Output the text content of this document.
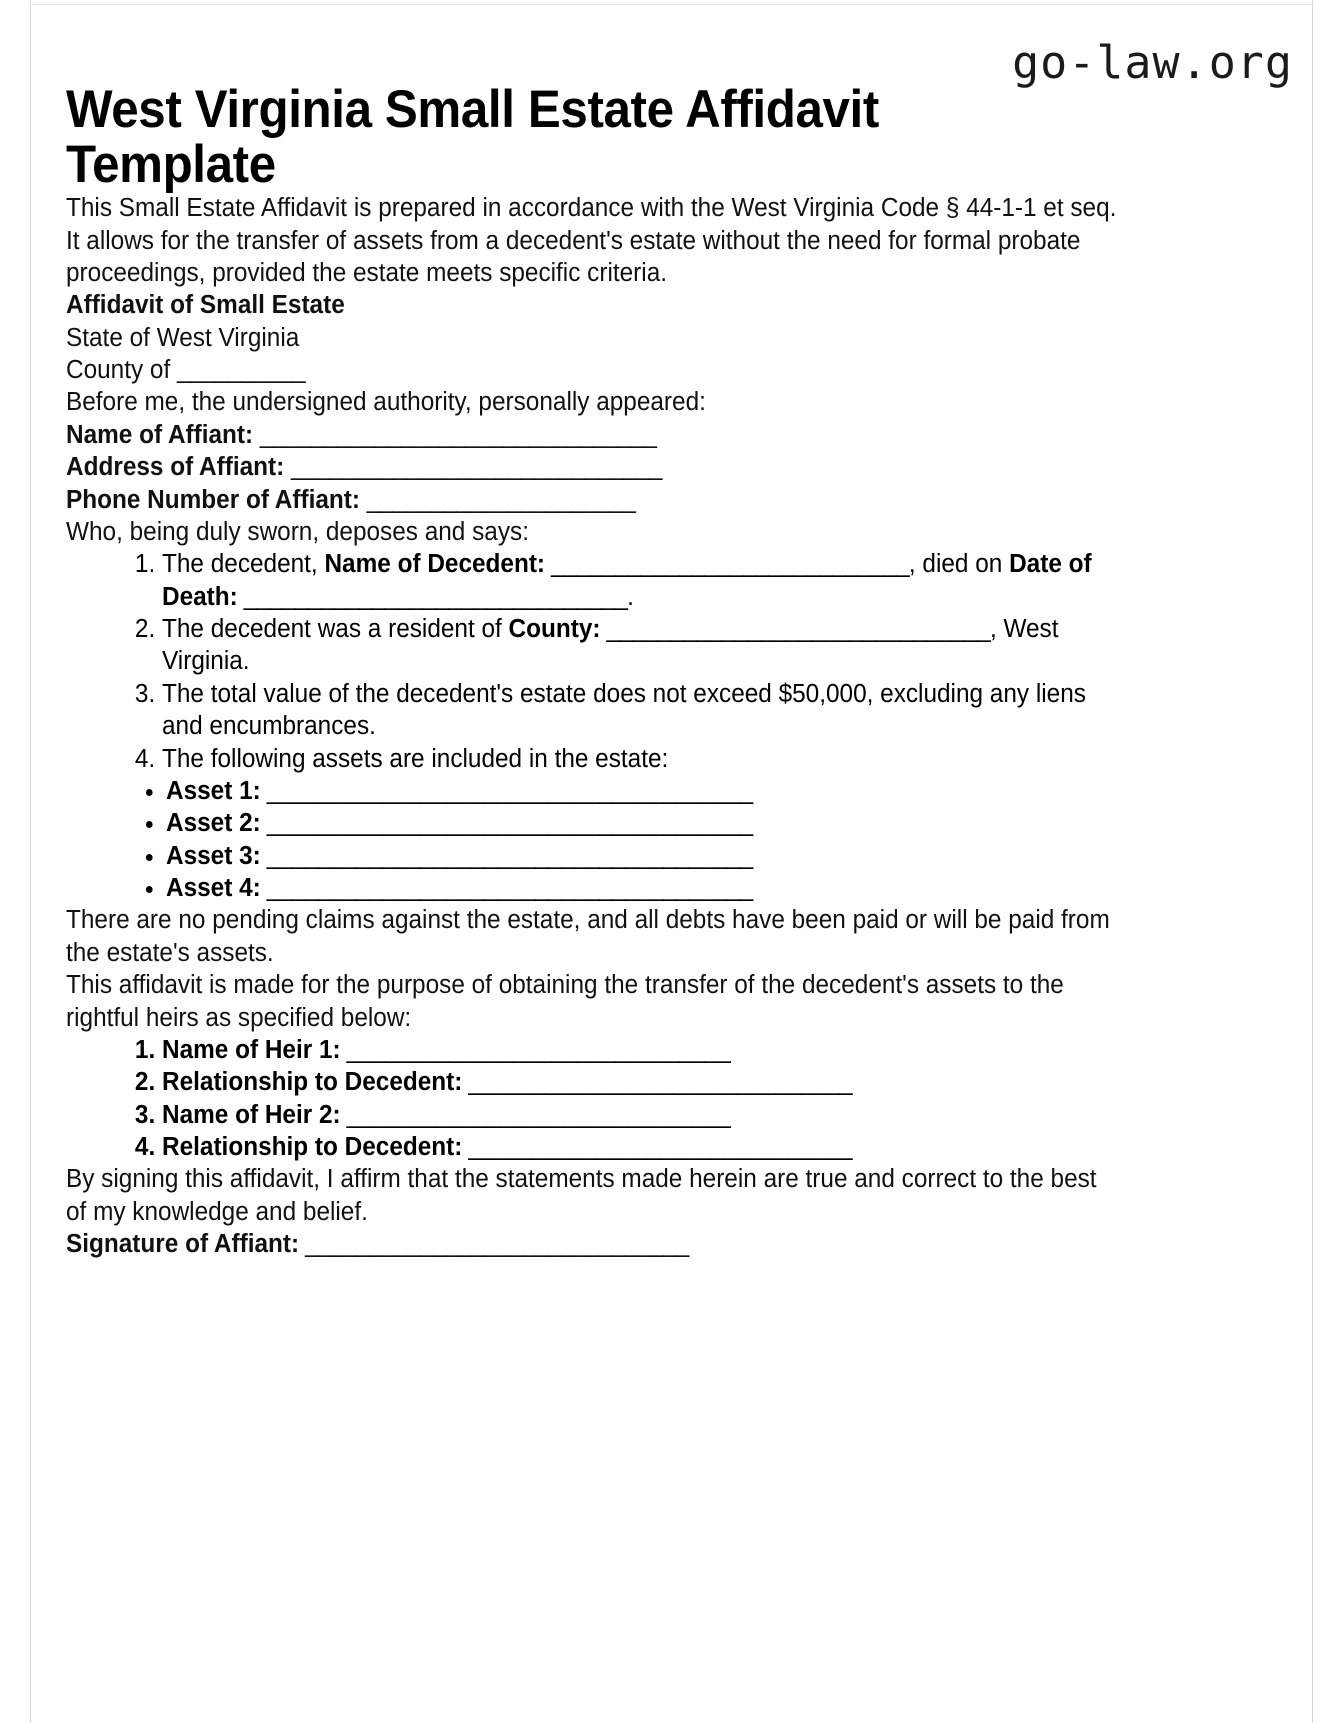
go-law.org
West Virginia Small Estate Affidavit Template

This Small Estate Affidavit is prepared in accordance with the West Virginia Code § 44-1-1 et seq. It allows for the transfer of assets from a decedent's estate without the need for formal probate proceedings, provided the estate meets specific criteria.

Affidavit of Small Estate

State of West Virginia

County of __________

Before me, the undersigned authority, personally appeared:

Name of Affiant: _______________________________

Address of Affiant: _____________________________

Phone Number of Affiant: _____________________

Who, being duly sworn, deposes and says:

1. The decedent, Name of Decedent: ____________________________, died on Date of Death: ______________________________.
2. The decedent was a resident of County: ______________________________, West Virginia.
3. The total value of the decedent's estate does not exceed $50,000, excluding any liens and encumbrances.
4. The following assets are included in the estate:
• Asset 1: ______________________________________
• Asset 2: ______________________________________
• Asset 3: ______________________________________
• Asset 4: ______________________________________

There are no pending claims against the estate, and all debts have been paid or will be paid from the estate's assets.

This affidavit is made for the purpose of obtaining the transfer of the decedent's assets to the rightful heirs as specified below:

1. Name of Heir 1: ______________________________
2. Relationship to Decedent: ______________________________
3. Name of Heir 2: ______________________________
4. Relationship to Decedent: ______________________________

By signing this affidavit, I affirm that the statements made herein are true and correct to the best of my knowledge and belief.

Signature of Affiant: ______________________________
